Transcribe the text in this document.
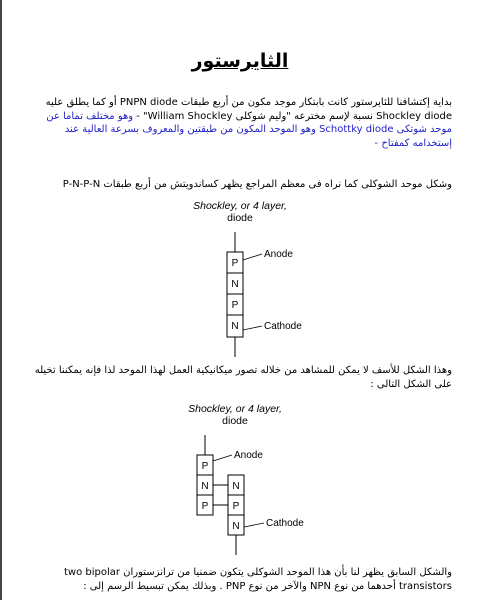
الثايرستور
بداية إكتشافنا للثايرستور كانت بابتكار موجد مكون من أربع طبقات PNPN diode أو كما يطلق عليه Shockley diode نسبة لإسم مخترعه "وليم شوكلى William Shockley" - وهو مختلف تماما عن موحد شوتكى Schottky diode وهو الموحد المكون من طبقتين والمعروف بسرعة العالية عند إستخدامه كمفتاح -
وشكل موحد الشوكلى كما نراه فى معظم المراجع يظهر كساندويتش من أربع طبقات P-N-P-N
Shockley, or 4 layer,
diode
P
N
P
N
Anode
Cathode
وهذا الشكل للأسف لا يمكن للمشاهد من خلاله تصور ميكانيكية العمل لهذا الموحد لذا فإنه يمكننا تخيله على الشكل التالى :
Shockley, or 4 layer,
diode
P
N
P
N
P
N
Anode
Cathode
والشكل السابق يظهر لنا بأن هذا الموحد الشوكلى يتكون ضمنيا من ترانزستوران two bipolar transistors أحدهما من نوع NPN والآخر من نوع PNP . وبذلك يمكن تبسيط الرسم إلى :
